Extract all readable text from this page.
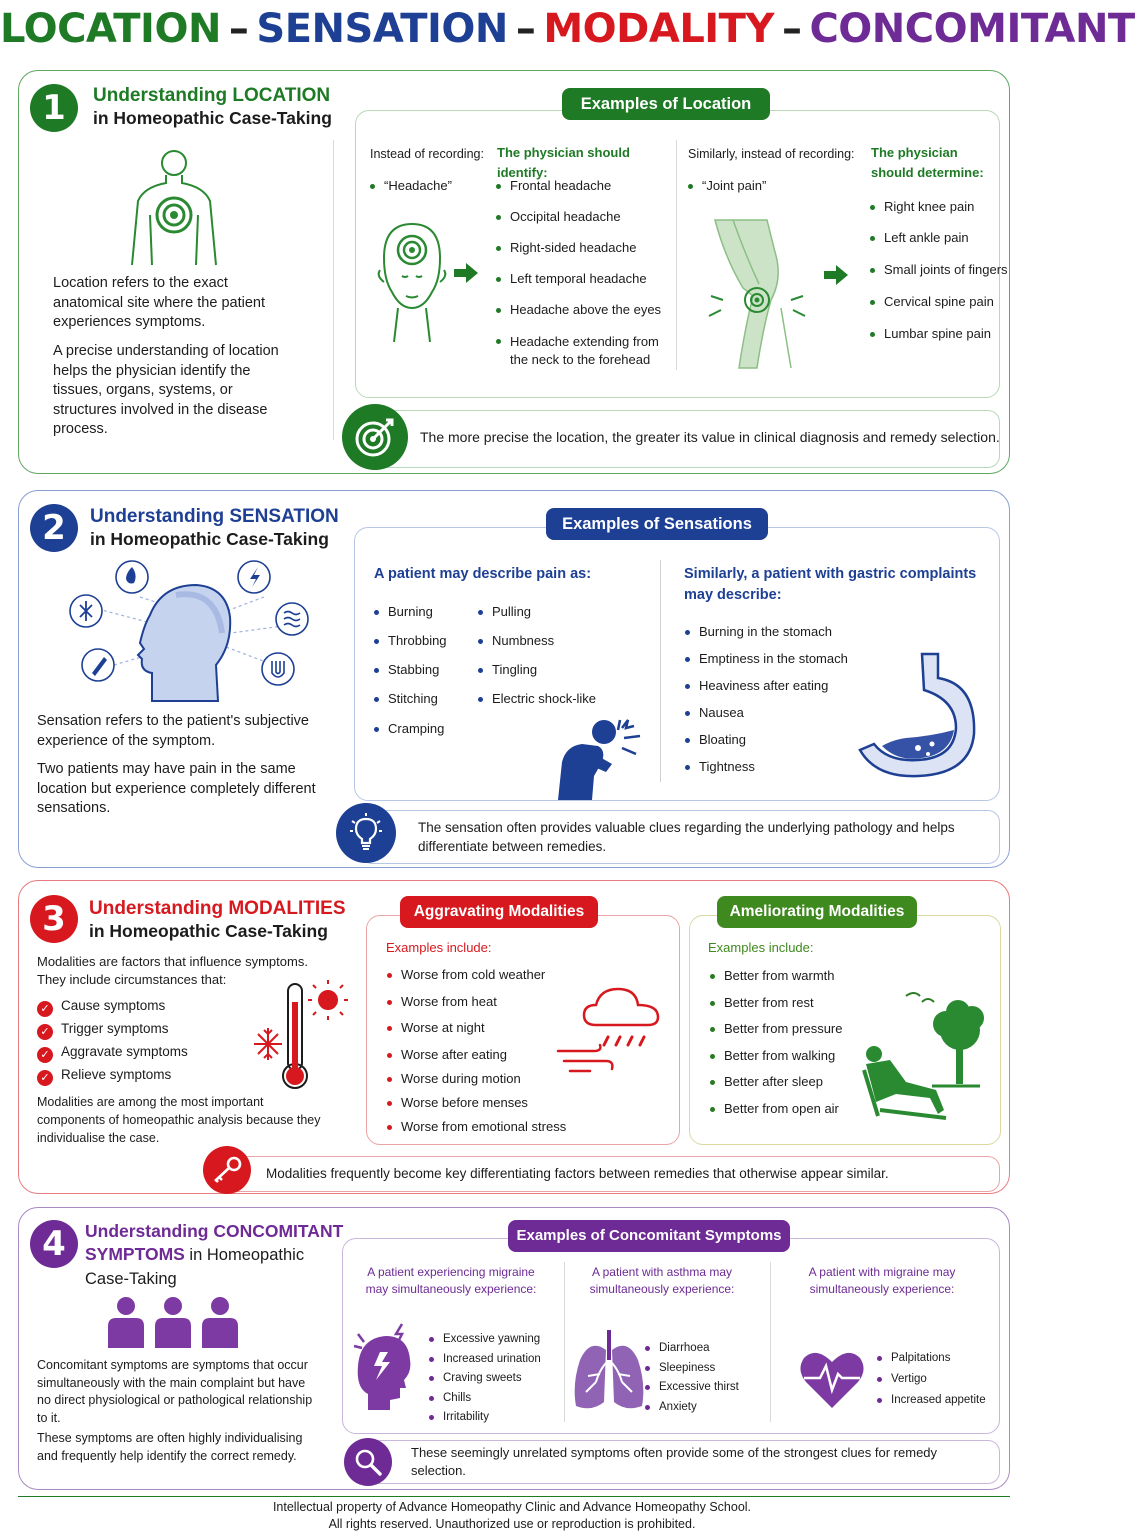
LOCATION – SENSATION – MODALITY – CONCOMITANT
1	Understanding LOCATION
in Homeopathic Case-Taking
Location refers to the exact anatomical site where the patient experiences symptoms.
A precise understanding of location helps the physician identify the tissues, organs, systems, or structures involved in the disease process.
Examples of Location
Instead of recording:
“Headache”
The physician should identify:
Frontal headache
Occipital headache
Right-sided headache
Left temporal headache
Headache above the eyes
Headache extending from the neck to the forehead
Similarly, instead of recording:
“Joint pain”
The physician should determine:
Right knee pain
Left ankle pain
Small joints of fingers
Cervical spine pain
Lumbar spine pain
The more precise the location, the greater its value in clinical diagnosis and remedy selection.
2	Understanding SENSATION
in Homeopathic Case-Taking
Sensation refers to the patient's subjective experience of the symptom.
Two patients may have pain in the same location but experience completely different sensations.
Examples of Sensations
A patient may describe pain as:
Burning
Throbbing
Stabbing
Stitching
Cramping
Pulling
Numbness
Tingling
Electric shock-like
Similarly, a patient with gastric complaints may describe:
Burning in the stomach
Emptiness in the stomach
Heaviness after eating
Nausea
Bloating
Tightness
The sensation often provides valuable clues regarding the underlying pathology and helps differentiate between remedies.
3	Understanding MODALITIES
in Homeopathic Case-Taking
Modalities are factors that influence symptoms. They include circumstances that:
✓ Cause symptoms
✓ Trigger symptoms
✓ Aggravate symptoms
✓ Relieve symptoms
Modalities are among the most important components of homeopathic analysis because they individualise the case.
Aggravating Modalities
Examples include:
Worse from cold weather
Worse from heat
Worse at night
Worse after eating
Worse during motion
Worse before menses
Worse from emotional stress
Ameliorating Modalities
Examples include:
Better from warmth
Better from rest
Better from pressure
Better from walking
Better after sleep
Better from open air
Modalities frequently become key differentiating factors between remedies that otherwise appear similar.
4	Understanding CONCOMITANT
SYMPTOMS in Homeopathic
Case-Taking
Concomitant symptoms are symptoms that occur simultaneously with the main complaint but have no direct physiological or pathological relationship to it.
These symptoms are often highly individualising and frequently help identify the correct remedy.
Examples of Concomitant Symptoms
A patient experiencing migraine may simultaneously experience:
Excessive yawning
Increased urination
Craving sweets
Chills
Irritability
A patient with asthma may simultaneously experience:
Diarrhoea
Sleepiness
Excessive thirst
Anxiety
A patient with migraine may simultaneously experience:
Palpitations
Vertigo
Increased appetite
These seemingly unrelated symptoms often provide some of the strongest clues for remedy selection.
Intellectual property of Advance Homeopathy Clinic and Advance Homeopathy School.
All rights reserved. Unauthorized use or reproduction is prohibited.
